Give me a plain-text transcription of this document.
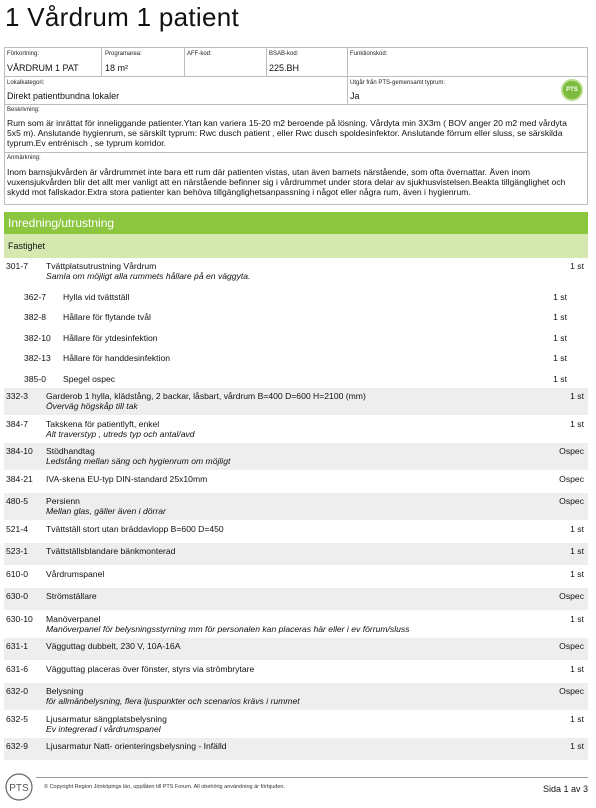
1 Vårdrum 1 patient
Förkortning:
VÅRDRUM 1 PAT
Programarea:
18 m²
AFF-kod:	BSAB-kod:
225.BH
Funktionskod:
Lokalkategori:
Direkt patientbundna lokaler
Utgår från PTS-gemensamt typrum:
Ja
PTS
Beskrivning:
Rum som är inrättat för inneliggande patienter.Ytan kan variera 15-20 m2 beroende på lösning. Vårdyta min 3X3m ( BOV anger 20 m2 med vårdyta 5x5 m). Anslutande hygienrum, se särskilt typrum: Rwc dusch patient , eller Rwc dusch spoldesinfektor. Anslutande förrum eller sluss, se särskilda typrum.Ev entrénisch , se typrum korridor.
Anmärkning:
Inom barnsjukvården är vårdrummet inte bara ett rum där patienten vistas, utan även barnets närstående, som ofta övernattar. Även inom vuxensjukvården blir det allt mer vanligt att en närstående befinner sig i vårdrummet under stora delar av sjukhusvistelsen.Beakta tillgänglighet och skydd mot fallskador.Extra stora patienter kan behöva tillgänglighetsanpassning i något eller några rum, även i hygienrum.
Inredning/utrustning
Fastighet
301-7 Tvättplatsutrustning Vårdrum
Samla om möjligt alla rummets hållare på en väggyta.
1 st
362-7 Hylla vid tvättställ	1 st
382-8 Hållare för flytande tvål	1 st
382-10 Hållare för ytdesinfektion	1 st
382-13 Hållare för handdesinfektion	1 st
385-0 Spegel ospec	1 st
332-3 Garderob 1 hylla, klädstång, 2 backar, låsbart, vårdrum B=400 D=600 H=2100 (mm)
Överväg högskåp till tak
1 st
384-7 Takskena för patientlyft, enkel
Alt traverstyp , utreds typ och antal/avd
1 st
384-10 Stödhandtag
Ledstång mellan säng och hygienrum om möjligt
Ospec
384-21 IVA-skena EU-typ DIN-standard 25x10mm	Ospec
480-5 Persienn
Mellan glas, gäller även i dörrar
Ospec
521-4 Tvättställ stort utan bräddavlopp B=600 D=450	1 st
523-1 Tvättställsblandare bänkmonterad	1 st
610-0 Vårdrumspanel	1 st
630-0 Strömställare	Ospec
630-10 Manöverpanel
Manöverpanel för belysningsstyrning mm för personalen kan placeras här eller i ev förrum/sluss
1 st
631-1 Vägguttag dubbelt, 230 V, 10A-16A	Ospec
631-6 Vägguttag placeras över fönster, styrs via strömbrytare	1 st
632-0 Belysning
för allmänbelysning, flera ljuspunkter och scenarios krävs i rummet
Ospec
632-5 Ljusarmatur sängplatsbelysning
Ev integrerad i vårdrumspanel
1 st
632-9 Ljusarmatur Natt- orienteringsbelysning - Infälld	1 st
PTS	© Copyright Region Jönköpings län, upplåten till PTS Forum. All obehörig användning är förbjuden.	Sida 1 av 3
